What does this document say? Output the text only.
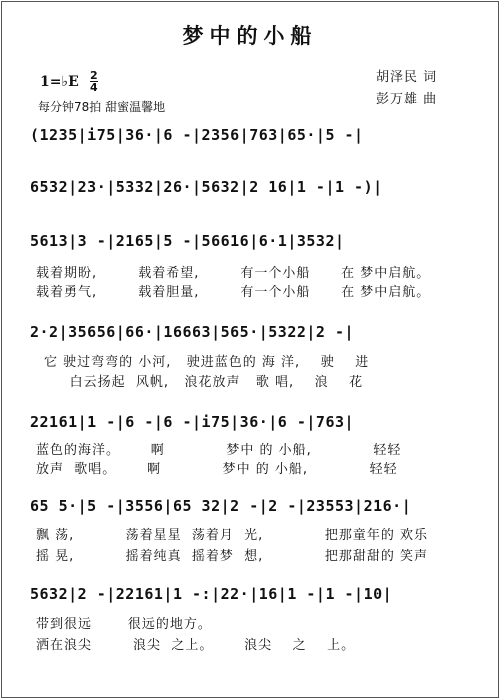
梦中的小船
胡泽民 词
彭万雄 曲
1=♭E 2
4
每分钟78拍 甜蜜温馨地
(1235|i75|36·|6 -|2356|763|65·|5 -|
6532|23·|5332|26·|5632|2 16|1 -|1 -)|
5613|3 -|2165|5 -|56616|6·1|3532|
载着期盼,        载着希望,        有一个小船      在 梦中启航。
载着勇气,        载着胆量,        有一个小船      在 梦中启航。
2·2|35656|66·|16663|565·|5322|2 -|
它 驶过弯弯的 小河,   驶进蓝色的 海 洋,    驶    进
白云扬起  风帆,   浪花放声   歌 唱,    浪    花
22161|1 -|6 -|6 -|i75|36·|6 -|763|
蓝色的海洋。      啊            梦中 的 小船,            轻轻
放声  歌唱。      啊            梦中 的 小船,            轻轻
65 5·|5 -|3556|65 32|2 -|2 -|23553|216·|
飘 荡,          荡着星星  荡着月  光,            把那童年的 欢乐
摇 晃,          摇着纯真  摇着梦  想,            把那甜甜的 笑声
5632|2 -|22161|1 -:|22·|16|1 -|1 -|10|
带到很远       很远的地方。
洒在浪尖        浪尖  之上。      浪尖    之    上。
